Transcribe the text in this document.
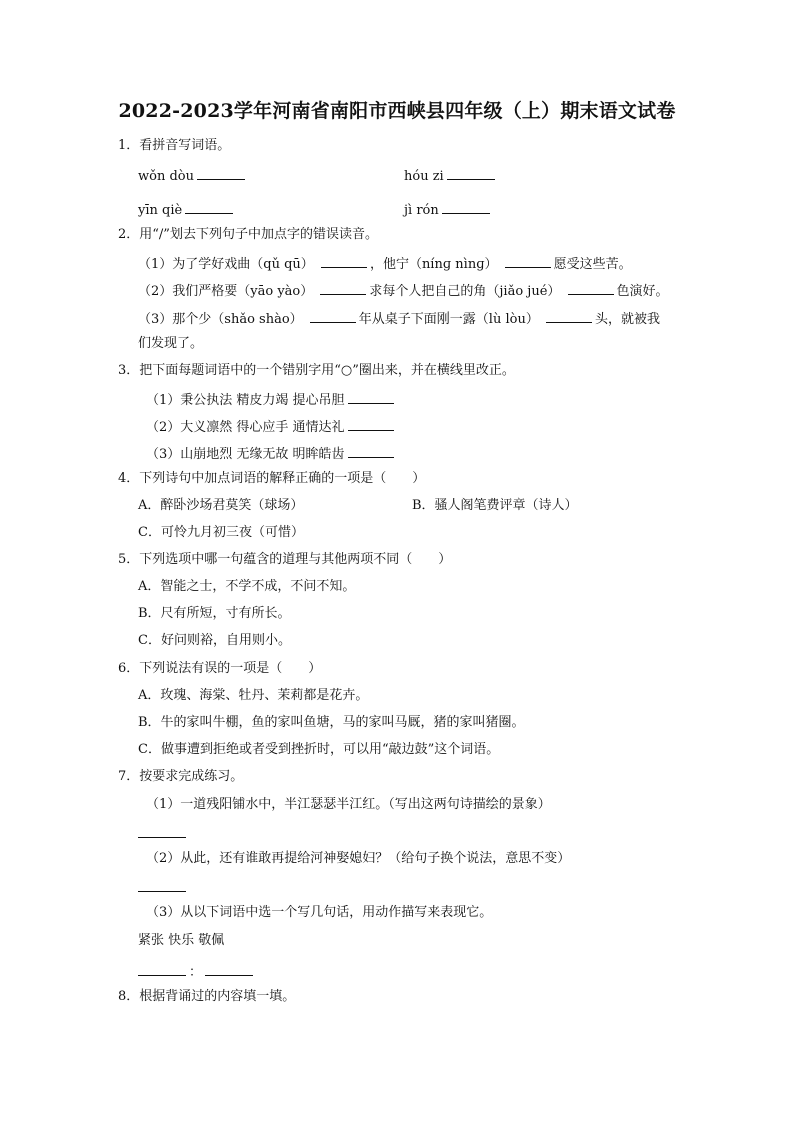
2022-2023学年河南省南阳市西峡县四年级（上）期末语文试卷
1．看拼音写词语。
wǒn dòu	hóu zi
yīn qiè	jì rón
2．用“/”划去下列句子中加点字的错误读音。
（1）为了学好戏曲（qǔ qū）	，他宁（nínɡ nìnɡ）	愿受这些苦。
（2）我们严格要（yāo yào）	求每个人把自己的角（jiǎo jué）	色演好。
（3）那个少（shǎo shào）	年从桌子下面刚一露（lù lòu）	头，就被我
们发现了。
3．把下面每题词语中的一个错别字用“○”圈出来，并在横线里改正。
（1）秉公执法 精皮力竭 提心吊胆
（2）大义凛然 得心应手 通情达礼
（3）山崩地烈 无缘无故 明眸皓齿
4．下列诗句中加点词语的解释正确的一项是（　　）
A．醉卧沙场君莫笑（球场）	B．骚人阁笔费评章（诗人）
C．可怜九月初三夜（可惜）
5．下列选项中哪一句蕴含的道理与其他两项不同（　　）
A．智能之士，不学不成，不问不知。
B．尺有所短，寸有所长。
C．好问则裕，自用则小。
6．下列说法有误的一项是（　　）
A．玫瑰、海棠、牡丹、茉莉都是花卉。
B．牛的家叫牛棚，鱼的家叫鱼塘，马的家叫马厩，猪的家叫猪圈。
C．做事遭到拒绝或者受到挫折时，可以用“敲边鼓”这个词语。
7．按要求完成练习。
（1）一道残阳铺水中，半江瑟瑟半江红。（写出这两句诗描绘的景象）
（2）从此，还有谁敢再提给河神娶媳妇？（给句子换个说法，意思不变）
（3）从以下词语中选一个写几句话，用动作描写来表现它。
紧张 快乐 敬佩
：
8．根据背诵过的内容填一填。
